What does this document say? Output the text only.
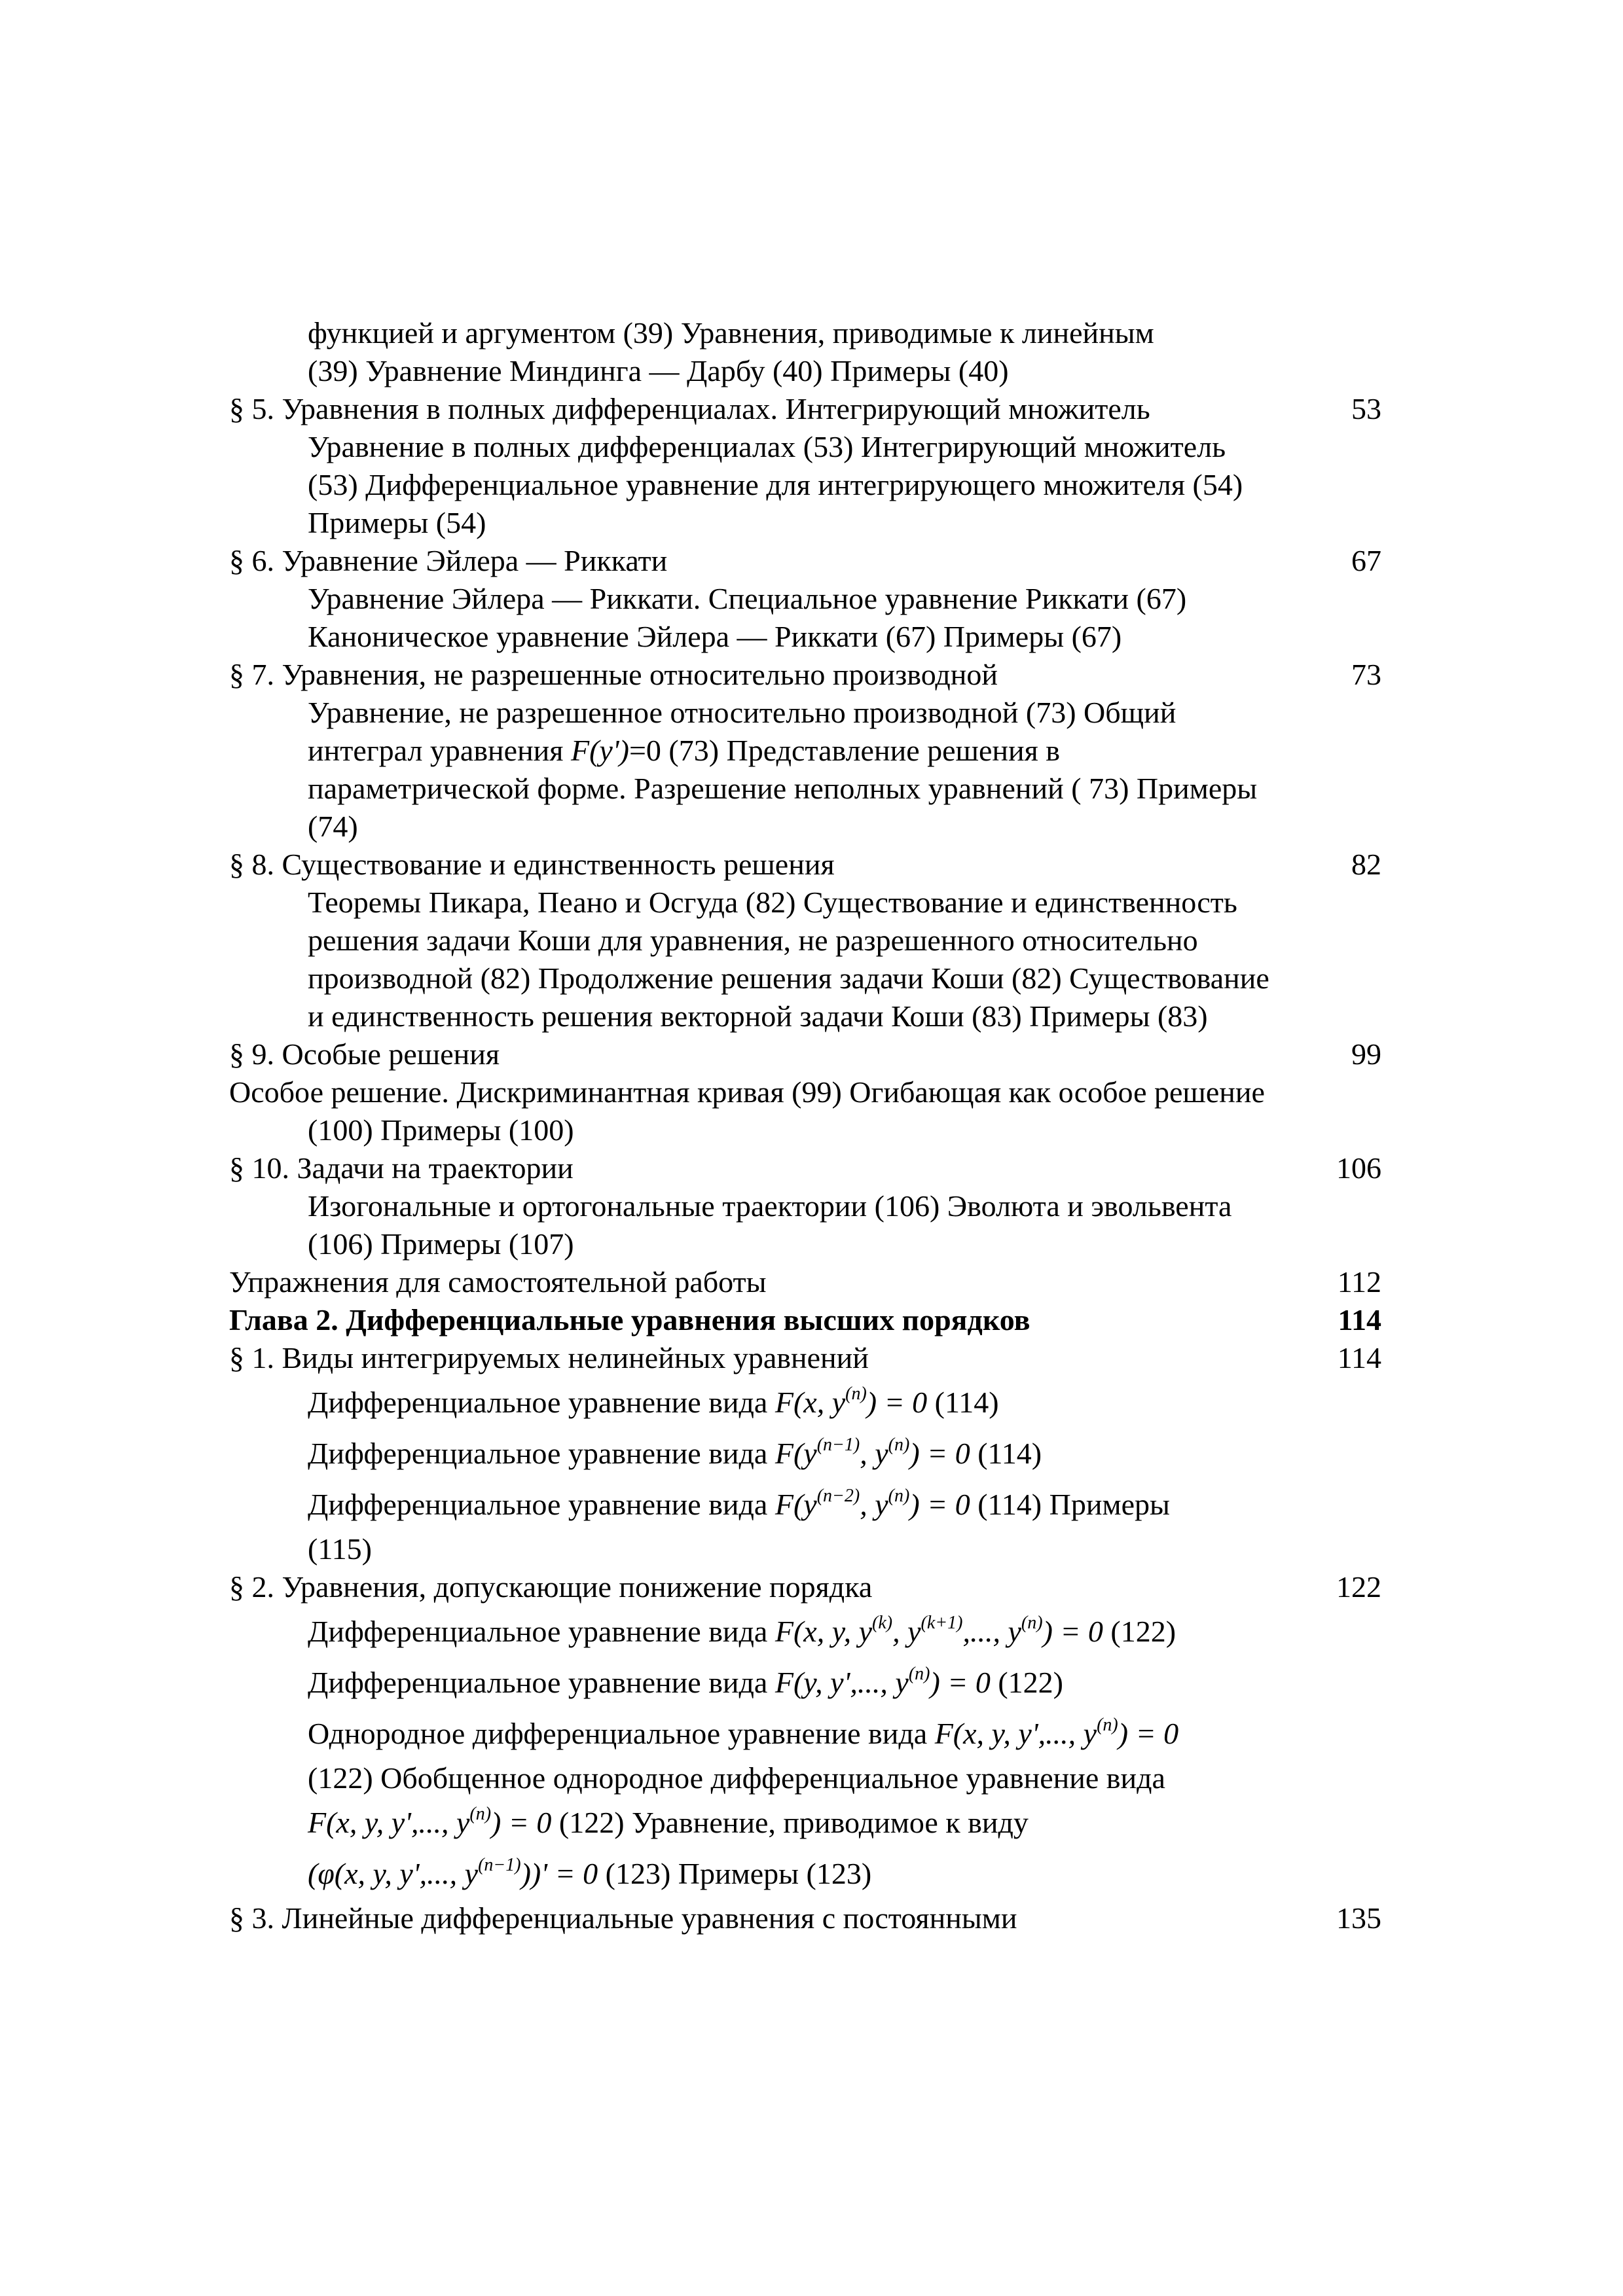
функцией и аргументом (39) Уравнения, приводимые к линейным
(39) Уравнение Миндинга — Дарбу (40) Примеры (40)
§ 5. Уравнения в полных дифференциалах. Интегрирующий множитель	53
Уравнение в полных дифференциалах (53) Интегрирующий множитель (53) Дифференциальное уравнение для интегрирующего множителя (54) Примеры (54)
§ 6. Уравнение Эйлера — Риккати	67
Уравнение Эйлера — Риккати. Специальное уравнение Риккати (67) Каноническое уравнение Эйлера — Риккати (67) Примеры (67)
§ 7. Уравнения, не разрешенные относительно производной	73
Уравнение, не разрешенное относительно производной (73) Общий
интеграл уравнения F(y')=0 (73) Представление решения в параметрической форме. Разрешение неполных уравнений ( 73) Примеры (74)
§ 8. Существование и единственность решения	82
Теоремы Пикара, Пеано и Осгуда (82) Существование и единственность решения задачи Коши для уравнения, не разрешенного относительно производной (82) Продолжение решения задачи Коши (82) Существование и единственность решения векторной задачи Коши (83) Примеры (83)
§ 9. Особые решения	99
Особое решение. Дискриминантная кривая (99) Огибающая как особое решение (100) Примеры (100)
§ 10. Задачи на траектории	106
Изогональные и ортогональные траектории (106) Эволюта и эвольвента (106) Примеры (107)
Упражнения для самостоятельной работы	112
Глава 2. Дифференциальные уравнения высших порядков	114
§ 1. Виды интегрируемых нелинейных уравнений	114
Дифференциальное уравнение вида F(x, $y^{(n)}) = 0$ (114)
Дифференциальное уравнение вида $F(y^{(n-1)}$, $y^{(n)}) = 0$ (114)
Дифференциальное уравнение вида $F(y^{(n-2)}$, $y^{(n)}) = 0$ (114) Примеры
(115)
§ 2. Уравнения, допускающие понижение порядка	122
Дифференциальное уравнение вида F(x, y, $y^{(k)}$, $y^{(k+1)}$,..., $y^{(n)}) = 0$ (122)
Дифференциальное уравнение вида F(y, y',..., $y^{(n)}) = 0$ (122)
Однородное дифференциальное уравнение вида F(x, y, y',..., $y^{(n)}) = 0$
(122) Обобщенное однородное дифференциальное уравнение вида
F(x, y, y',..., $y^{(n)}) = 0$ (122) Уравнение, приводимое к виду
(φ(x, y, y',..., $y^{(n-1)}))' = 0$ (123) Примеры (123)
§ 3. Линейные дифференциальные уравнения с постоянными	135
